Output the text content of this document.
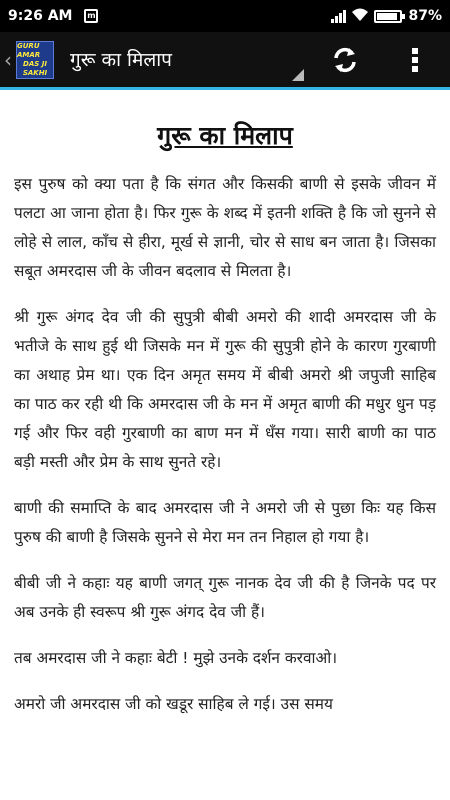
9:26 AM	m	87%
‹
GURU AMAR
DAS JI
SAKHI
गुरू का मिलाप
गुरू का मिलाप

इस पुरुष को क्या पता है कि संगत और किसकी बाणी से इसके जीवन में पलटा आ जाना होता है। फिर गुरू के शब्द में इतनी शक्ति है कि जो सुनने से लोहे से लाल, काँच से हीरा, मूर्ख से ज्ञानी, चोर से साध बन जाता है। जिसका सबूत अमरदास जी के जीवन बदलाव से मिलता है।

श्री गुरू अंगद देव जी की सुपुत्री बीबी अमरो की शादी अमरदास जी के भतीजे के साथ हुई थी जिसके मन में गुरू की सुपुत्री होने के कारण गुरबाणी का अथाह प्रेम था। एक दिन अमृत समय में बीबी अमरो श्री जपुजी साहिब का पाठ कर रही थी कि अमरदास जी के मन में अमृत बाणी की मधुर धुन पड़ गई और फिर वही गुरबाणी का बाण मन में धँस गया। सारी बाणी का पाठ बड़ी मस्ती और प्रेम के साथ सुनते रहे।

बाणी की समाप्ति के बाद अमरदास जी ने अमरो जी से पुछा किः यह किस पुरुष की बाणी है जिसके सुनने से मेरा मन तन निहाल हो गया है।

बीबी जी ने कहाः यह बाणी जगत् गुरू नानक देव जी की है जिनके पद पर अब उनके ही स्वरूप श्री गुरू अंगद देव जी हैं।

तब अमरदास जी ने कहाः बेटी ! मुझे उनके दर्शन करवाओ।

अमरो जी अमरदास जी को खडूर साहिब ले गई। उस समय
